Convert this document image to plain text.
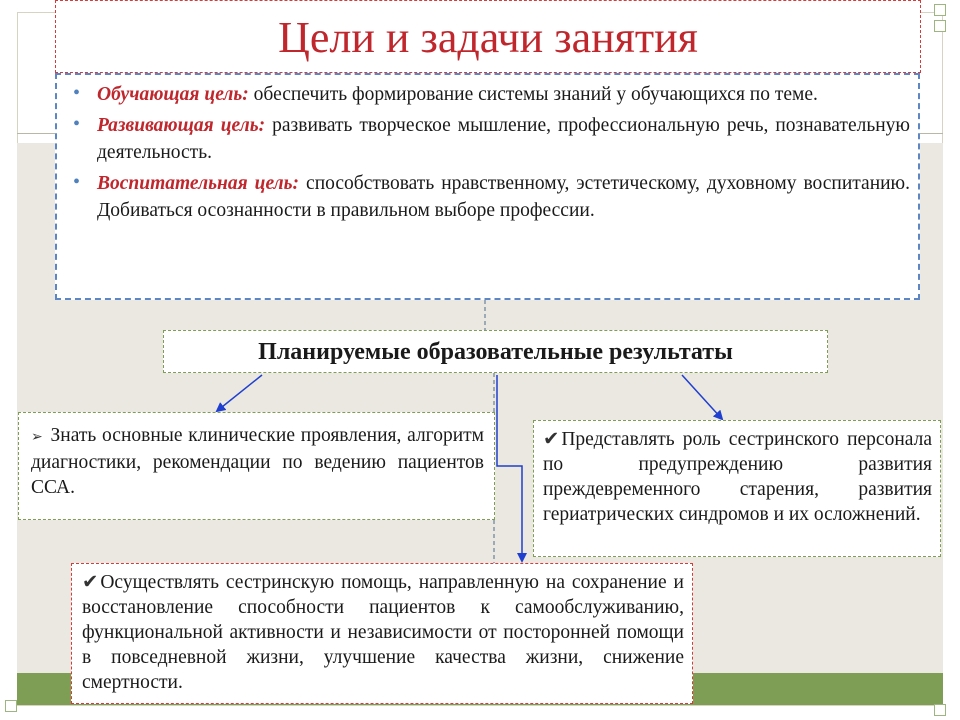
Цели и задачи занятия

• Обучающая цель: обеспечить формирование системы знаний у обучающихся по теме.

• Развивающая цель: развивать творческое мышление, профессиональную речь, познавательную деятельность.

• Воспитательная цель: способствовать нравственному, эстетическому, духовному воспитанию. Добиваться осознанности в правильном выборе профессии.

Планируемые образовательные результаты
➢ Знать основные клинические проявления, алгоритм диагностики, рекомендации по ведению пациентов ССА.
✔ Представлять роль сестринского персонала по предупреждению развития преждевременного старения, развития гериатрических синдромов и их осложнений.
✔ Осуществлять сестринскую помощь, направленную на сохранение и восстановление способности пациентов к самообслуживанию, функциональной активности и независимости от посторонней помощи в повседневной жизни, улучшение качества жизни, снижение смертности.
